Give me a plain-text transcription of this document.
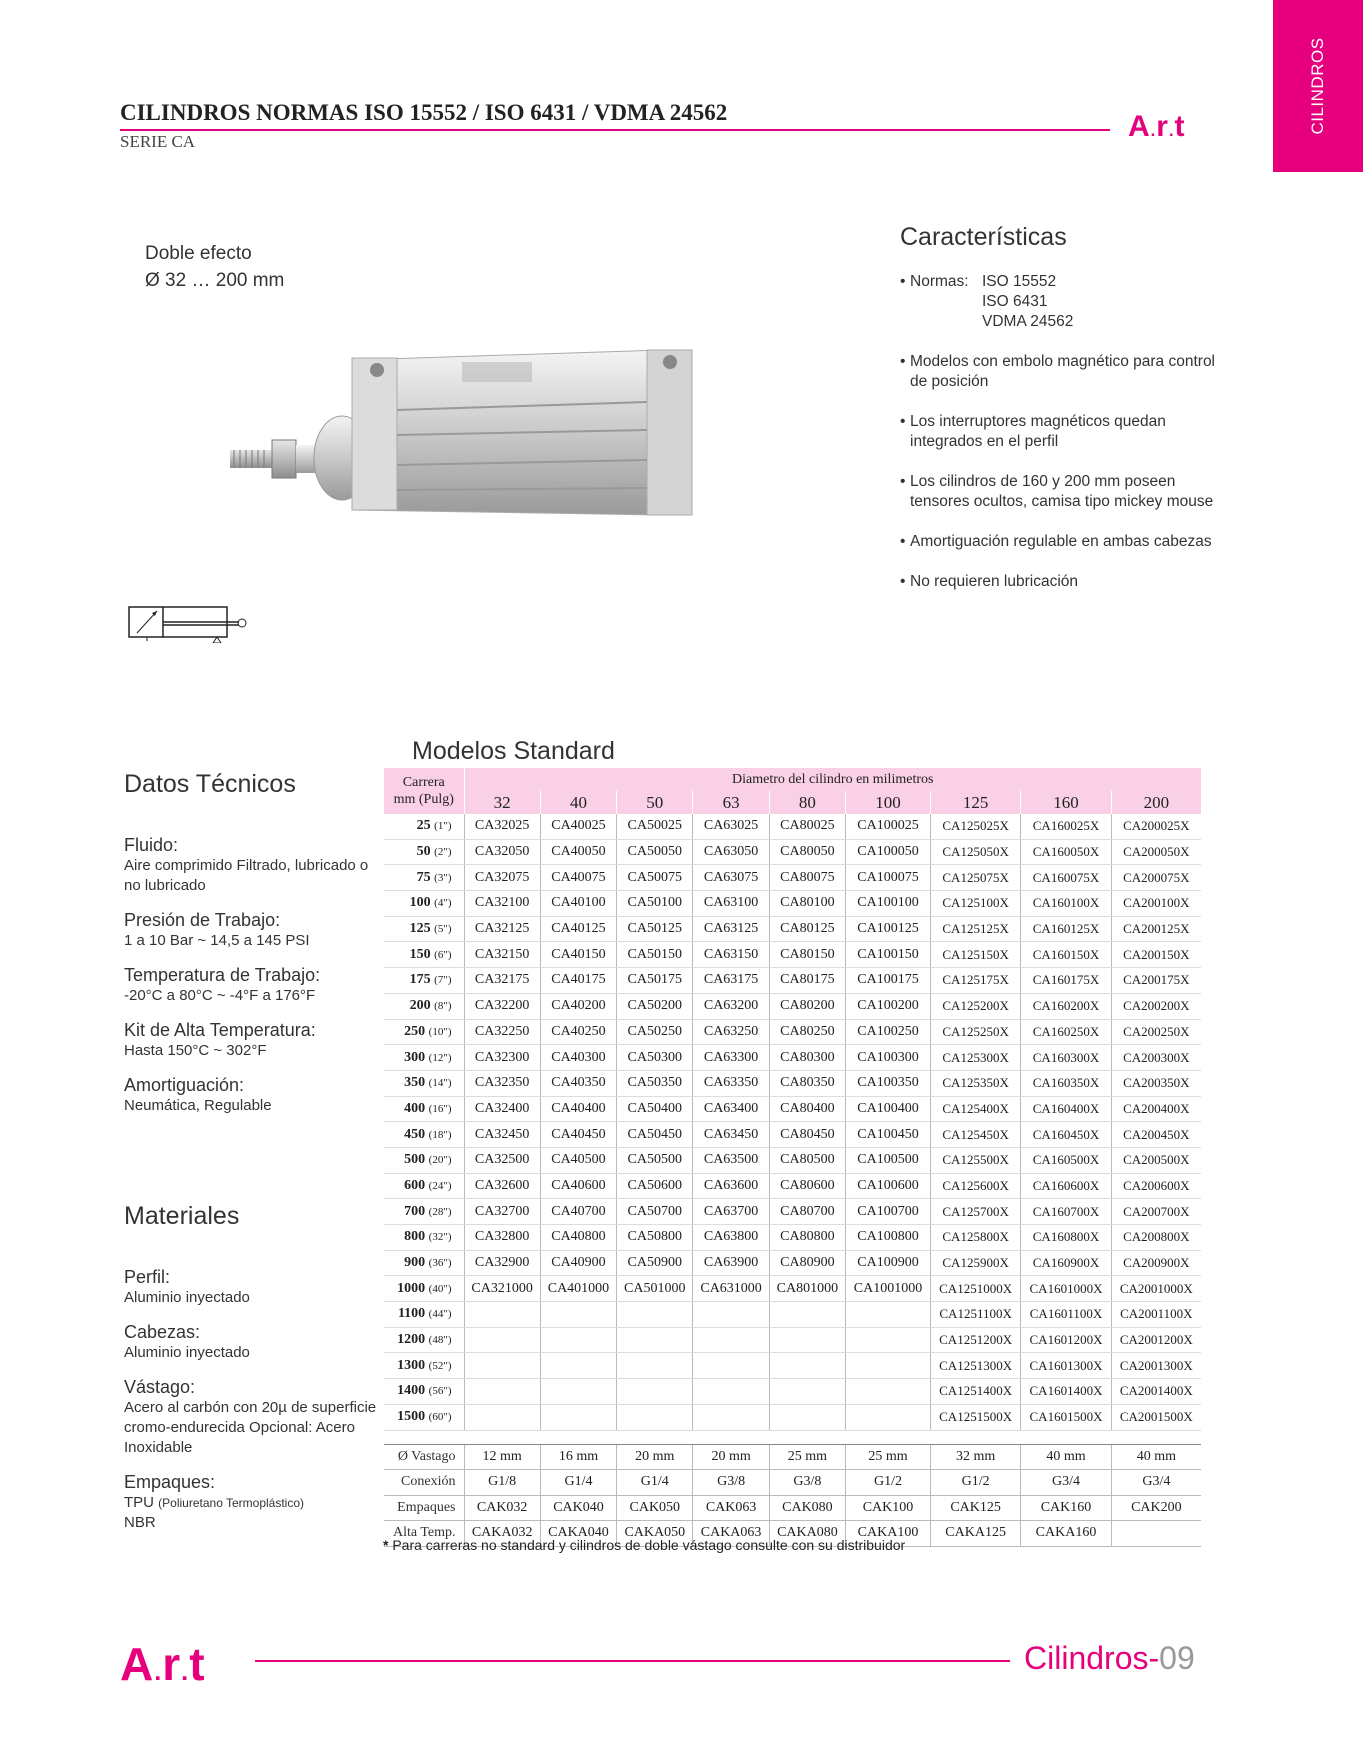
CILINDROS
CILINDROS NORMAS ISO 15552 / ISO 6431 / VDMA 24562
SERIE CA	A.r.t
Doble efecto
Ø 32 … 200 mm
Características
• Normas: ISO 15552
ISO 6431
VDMA 24562
• Modelos con embolo magnético para control de posición
• Los interruptores magnéticos quedan integrados en el perfil
• Los cilindros de 160 y 200 mm poseen tensores ocultos, camisa tipo mickey mouse
• Amortiguación regulable en ambas cabezas
• No requieren lubricación
Datos Técnicos
Fluido:
Aire comprimido Filtrado, lubricado o no lubricado
Presión de Trabajo:
1 a 10 Bar ~ 14,5 a 145 PSI
Temperatura de Trabajo:
-20°C a 80°C ~ -4°F a 176°F
Kit de Alta Temperatura:
Hasta 150°C ~ 302°F
Amortiguación:
Neumática, Regulable
Materiales
Perfil:
Aluminio inyectado
Cabezas:
Aluminio inyectado
Vástago:
Acero al carbón con 20µ de superficie cromo-endurecida Opcional: Acero Inoxidable
Empaques:
TPU (Poliuretano Termoplástico)
NBR
Modelos Standard
Carrera
mm (Pulg)	Diametro del cilindro en milimetros								
	32	40	50	63	80	100	125	160	200
25 (1")	CA32025	CA40025	CA50025	CA63025	CA80025	CA100025	CA125025X	CA160025X	CA200025X
50 (2")	CA32050	CA40050	CA50050	CA63050	CA80050	CA100050	CA125050X	CA160050X	CA200050X
75 (3")	CA32075	CA40075	CA50075	CA63075	CA80075	CA100075	CA125075X	CA160075X	CA200075X
100 (4")	CA32100	CA40100	CA50100	CA63100	CA80100	CA100100	CA125100X	CA160100X	CA200100X
125 (5")	CA32125	CA40125	CA50125	CA63125	CA80125	CA100125	CA125125X	CA160125X	CA200125X
150 (6")	CA32150	CA40150	CA50150	CA63150	CA80150	CA100150	CA125150X	CA160150X	CA200150X
175 (7")	CA32175	CA40175	CA50175	CA63175	CA80175	CA100175	CA125175X	CA160175X	CA200175X
200 (8")	CA32200	CA40200	CA50200	CA63200	CA80200	CA100200	CA125200X	CA160200X	CA200200X
250 (10")	CA32250	CA40250	CA50250	CA63250	CA80250	CA100250	CA125250X	CA160250X	CA200250X
300 (12")	CA32300	CA40300	CA50300	CA63300	CA80300	CA100300	CA125300X	CA160300X	CA200300X
350 (14")	CA32350	CA40350	CA50350	CA63350	CA80350	CA100350	CA125350X	CA160350X	CA200350X
400 (16")	CA32400	CA40400	CA50400	CA63400	CA80400	CA100400	CA125400X	CA160400X	CA200400X
450 (18")	CA32450	CA40450	CA50450	CA63450	CA80450	CA100450	CA125450X	CA160450X	CA200450X
500 (20")	CA32500	CA40500	CA50500	CA63500	CA80500	CA100500	CA125500X	CA160500X	CA200500X
600 (24")	CA32600	CA40600	CA50600	CA63600	CA80600	CA100600	CA125600X	CA160600X	CA200600X
700 (28")	CA32700	CA40700	CA50700	CA63700	CA80700	CA100700	CA125700X	CA160700X	CA200700X
800 (32")	CA32800	CA40800	CA50800	CA63800	CA80800	CA100800	CA125800X	CA160800X	CA200800X
900 (36")	CA32900	CA40900	CA50900	CA63900	CA80900	CA100900	CA125900X	CA160900X	CA200900X
1000 (40")	CA321000	CA401000	CA501000	CA631000	CA801000	CA1001000	CA1251000X	CA1601000X	CA2001000X
1100 (44")							CA1251100X	CA1601100X	CA2001100X
1200 (48")							CA1251200X	CA1601200X	CA2001200X
1300 (52")							CA1251300X	CA1601300X	CA2001300X
1400 (56")							CA1251400X	CA1601400X	CA2001400X
1500 (60")							CA1251500X	CA1601500X	CA2001500X

Ø Vastago	12 mm	16 mm	20 mm	20 mm	25 mm	25 mm	32 mm	40 mm	40 mm
Conexión	G1/8	G1/4	G1/4	G3/8	G3/8	G1/2	G1/2	G3/4	G3/4
Empaques	CAK032	CAK040	CAK050	CAK063	CAK080	CAK100	CAK125	CAK160	CAK200
Alta Temp.	CAKA032	CAKA040	CAKA050	CAKA063	CAKA080	CAKA100	CAKA125	CAKA160	
* Para carreras no standard y cilindros de doble vástago consulte con su distribuidor
A.r.t	Cilindros-09
